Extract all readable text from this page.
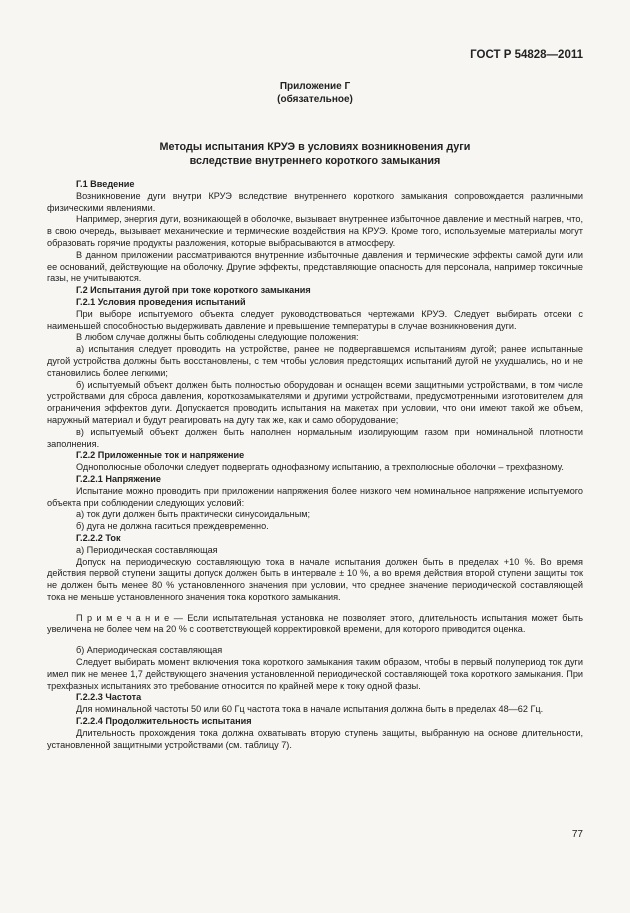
ГОСТ Р 54828—2011
Приложение Г
(обязательное)
Методы испытания КРУЭ в условиях возникновения дуги
вследствие внутреннего короткого замыкания

Г.1 Введение

Возникновение дуги внутри КРУЭ вследствие внутреннего короткого замыкания сопровождается различными физическими явлениями.

Например, энергия дуги, возникающей в оболочке, вызывает внутреннее избыточное давление и местный нагрев, что, в свою очередь, вызывает механические и термические воздействия на КРУЭ. Кроме того, используемые материалы могут образовать горячие продукты разложения, которые выбрасываются в атмосферу.

В данном приложении рассматриваются внутренние избыточные давления и термические эффекты самой дуги или ее оснований, действующие на оболочку. Другие эффекты, представляющие опасность для персонала, например токсичные газы, не учитываются.

Г.2 Испытания дугой при токе короткого замыкания

Г.2.1 Условия проведения испытаний

При выборе испытуемого объекта следует руководствоваться чертежами КРУЭ. Следует выбирать отсеки с наименьшей способностью выдерживать давление и превышение температуры в случае возникновения дуги.

В любом случае должны быть соблюдены следующие положения:

а) испытания следует проводить на устройстве, ранее не подвергавшемся испытаниям дугой; ранее испытанные дугой устройства должны быть восстановлены, с тем чтобы условия предстоящих испытаний дугой не ухудшались, но и не становились более легкими;

б) испытуемый объект должен быть полностью оборудован и оснащен всеми защитными устройствами, в том числе устройствами для сброса давления, короткозамыкателями и другими устройствами, предусмотренными изготовителем для ограничения эффектов дуги. Допускается проводить испытания на макетах при условии, что они имеют такой же объем, наружный материал и будут реагировать на дугу так же, как и само оборудование;

в) испытуемый объект должен быть наполнен нормальным изолирующим газом при номинальной плотности заполнения.

Г.2.2 Приложенные ток и напряжение

Однополюсные оболочки следует подвергать однофазному испытанию, а трехполюсные оболочки – трехфазному.

Г.2.2.1 Напряжение

Испытание можно проводить при приложении напряжения более низкого чем номинальное напряжение испытуемого объекта при соблюдении следующих условий:

а) ток дуги должен быть практически синусоидальным;

б) дуга не должна гаситься преждевременно.

Г.2.2.2 Ток

а) Периодическая составляющая

Допуск на периодическую составляющую тока в начале испытания должен быть в пределах +10 %. Во время действия первой ступени защиты допуск должен быть в интервале ± 10 %, а во время действия второй ступени защиты ток не должен быть менее 80 % установленного значения при условии, что среднее значение периодической составляющей тока не меньше установленного значения тока короткого замыкания.

П р и м е ч а н и е — Если испытательная установка не позволяет этого, длительность испытания может быть увеличена не более чем на 20 % с соответствующей корректировкой времени, для которого приводится оценка.

б) Апериодическая составляющая

Следует выбирать момент включения тока короткого замыкания таким образом, чтобы в первый полупериод ток дуги имел пик не менее 1,7 действующего значения установленной периодической составляющей тока короткого замыкания. При трехфазных испытаниях это требование относится по крайней мере к току одной фазы.

Г.2.2.3 Частота

Для номинальной частоты 50 или 60 Гц частота тока в начале испытания должна быть в пределах 48—62 Гц.

Г.2.2.4 Продолжительность испытания

Длительность прохождения тока должна охватывать вторую ступень защиты, выбранную на основе длительности, установленной защитными устройствами (см. таблицу 7).

77
